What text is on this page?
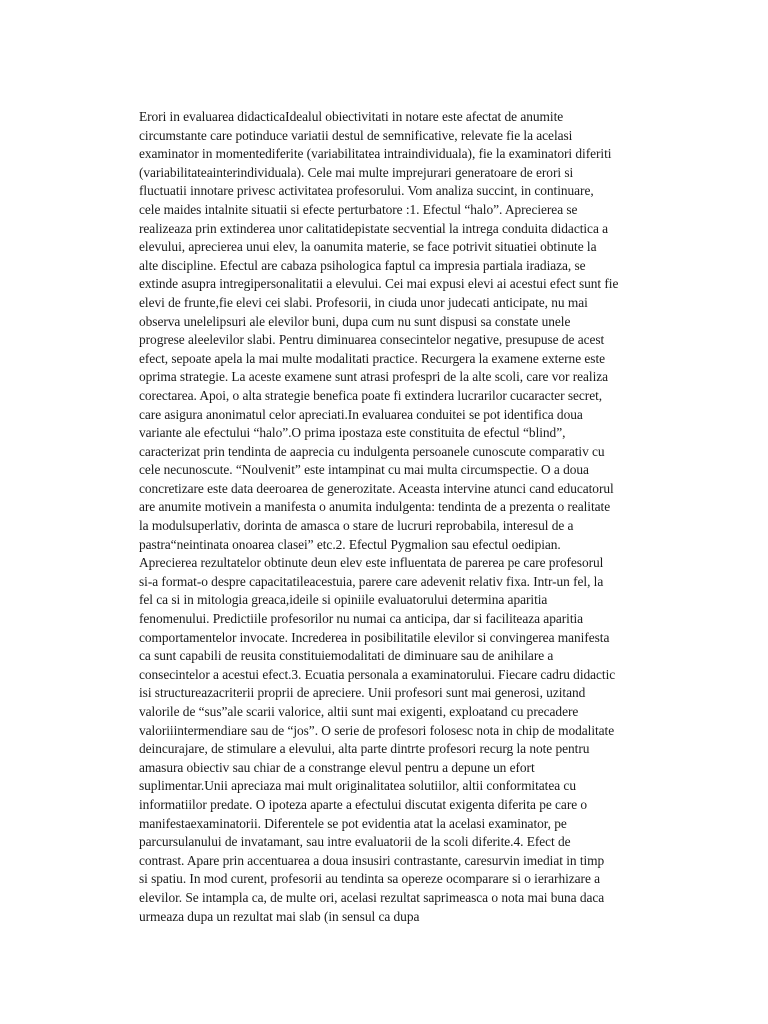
Erori in evaluarea didacticaIdealul obiectivitati in notare este afectat de anumite
circumstante care potinduce variatii destul de semnificative, relevate fie la acelasi
examinator in momentediferite (variabilitatea intraindividuala), fie la examinatori diferiti
(variabilitateainterindividuala). Cele mai multe imprejurari generatoare de erori si
fluctuatii innotare privesc activitatea profesorului. Vom analiza succint, in continuare,
cele maides intalnite situatii si efecte perturbatore :1. Efectul “halo”. Aprecierea se
realizeaza prin extinderea unor calitatidepistate secvential la intrega conduita didactica a
elevului, aprecierea unui elev, la oanumita materie, se face potrivit situatiei obtinute la
alte discipline. Efectul are cabaza psihologica faptul ca impresia partiala iradiaza, se
extinde asupra intregipersonalitatii a elevului. Cei mai expusi elevi ai acestui efect sunt fie
elevi de frunte,fie elevi cei slabi. Profesorii, in ciuda unor judecati anticipate, nu mai
observa unelelipsuri ale elevilor buni, dupa cum nu sunt dispusi sa constate unele
progrese aleelevilor slabi. Pentru diminuarea consecintelor negative, presupuse de acest
efect, sepoate apela la mai multe modalitati practice. Recurgera la examene externe este
oprima strategie. La aceste examene sunt atrasi profespri de la alte scoli, care vor realiza
corectarea. Apoi, o alta strategie benefica poate fi extindera lucrarilor cucaracter secret,
care asigura anonimatul celor apreciati.In evaluarea conduitei se pot identifica doua
variante ale efectului “halo”.O prima ipostaza este constituita de efectul “blind”,
caracterizat prin tendinta de aaprecia cu indulgenta persoanele cunoscute comparativ cu
cele necunoscute. “Noulvenit” este intampinat cu mai multa circumspectie. O a doua
concretizare este data deeroarea de generozitate. Aceasta intervine atunci cand educatorul
are anumite motivein a manifesta o anumita indulgenta: tendinta de a prezenta o realitate
la modulsuperlativ, dorinta de amasca o stare de lucruri reprobabila, interesul de a
pastra“neintinata onoarea clasei” etc.2. Efectul Pygmalion sau efectul oedipian.
Aprecierea rezultatelor obtinute deun elev este influentata de parerea pe care profesorul
si-a format-o despre capacitatileacestuia, parere care adevenit relativ fixa. Intr-un fel, la
fel ca si in mitologia greaca,ideile si opiniile evaluatorului determina aparitia
fenomenului. Predictiile profesorilor nu numai ca anticipa, dar si faciliteaza aparitia
comportamentelor invocate. Increderea in posibilitatile elevilor si convingerea manifesta
ca sunt capabili de reusita constituiemodalitati de diminuare sau de anihilare a
consecintelor a acestui efect.3. Ecuatia personala a examinatorului. Fiecare cadru didactic
isi structureazacriterii proprii de apreciere. Unii profesori sunt mai generosi, uzitand
valorile de “sus”ale scarii valorice, altii sunt mai exigenti, exploatand cu precadere
valoriiintermendiare sau de “jos”. O serie de profesori folosesc nota in chip de modalitate
deincurajare, de stimulare a elevului, alta parte dintrte profesori recurg la note pentru
amasura obiectiv sau chiar de a constrange elevul pentru a depune un efort
suplimentar.Unii apreciaza mai mult originalitatea solutiilor, altii conformitatea cu
informatiilor predate. O ipoteza aparte a efectului discutat exigenta diferita pe care o
manifestaexaminatorii. Diferentele se pot evidentia atat la acelasi examinator, pe
parcursulanului de invatamant, sau intre evaluatorii de la scoli diferite.4. Efect de
contrast. Apare prin accentuarea a doua insusiri contrastante, caresurvin imediat in timp
si spatiu. In mod curent, profesorii au tendinta sa opereze ocomparare si o ierarhizare a
elevilor. Se intampla ca, de multe ori, acelasi rezultat saprimeasca o nota mai buna daca
urmeaza dupa un rezultat mai slab (in sensul ca dupa
